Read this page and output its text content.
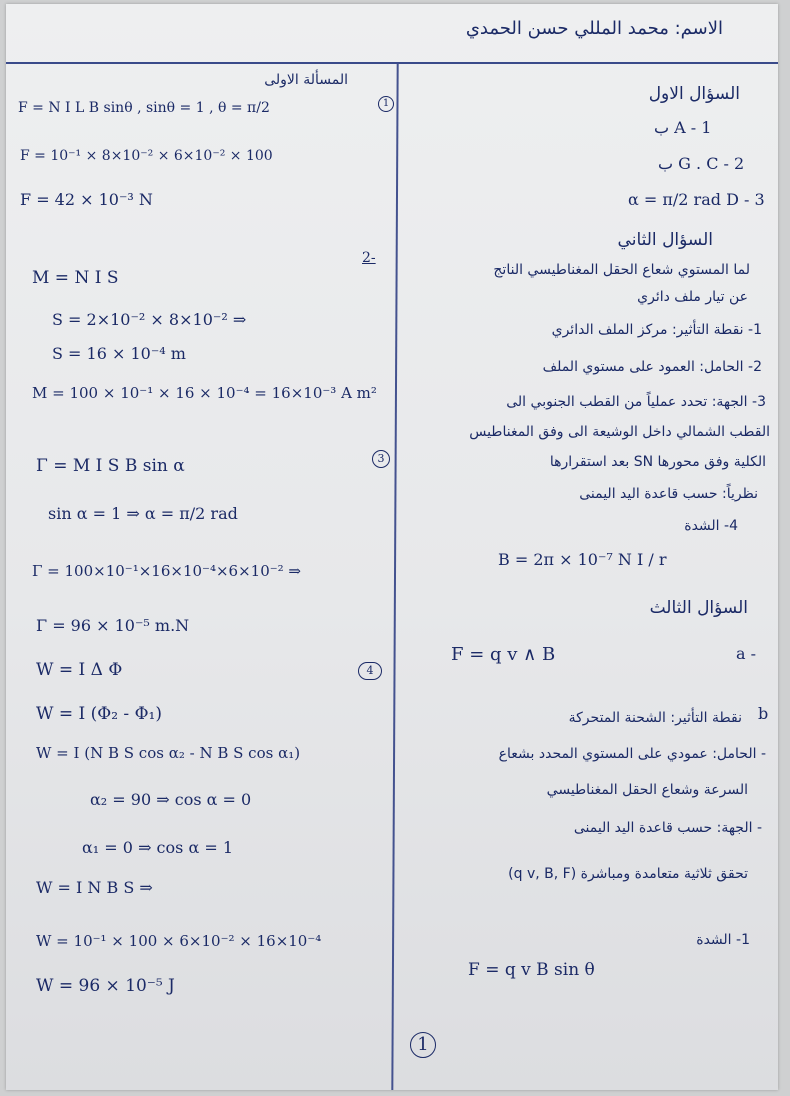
الاسم: محمد المللي حسن الحمدي
السؤال الاول
ب A - 1
ب G . C - 2
α = π/2 rad D - 3
السؤال الثاني
لما المستوي شعاع الحقل المغناطيسي الناتج
عن تيار ملف دائري
1- نقطة التأثير: مركز الملف الدائري
2- الحامل: العمود على مستوي الملف
3- الجهة: تحدد عملياً من القطب الجنوبي الى
القطب الشمالي داخل الوشيعة الى وفق المغناطيس
الكلية وفق محورها SN بعد استقرارها
نظرياً: حسب قاعدة اليد اليمنى
4- الشدة
B = 2π × 10⁻⁷ N I / r
السؤال الثالث
a -
F = q v ∧ B
b
نقطة التأثير: الشحنة المتحركة
- الحامل: عمودي على المستوي المحدد بشعاع
السرعة وشعاع الحقل المغناطيسي
- الجهة: حسب قاعدة اليد اليمنى
تحقق ثلاثية متعامدة ومباشرة (q v, B, F)
1- الشدة
F = q v B sin θ
1
المسألة الاولى
1
F = N I L B sinθ , sinθ = 1 , θ = π/2
F = 10⁻¹ × 8×10⁻² × 6×10⁻² × 100
F = 42 × 10⁻³ N
2-
M = N I S
S = 2×10⁻² × 8×10⁻² ⇒
S = 16 × 10⁻⁴ m
M = 100 × 10⁻¹ × 16 × 10⁻⁴ = 16×10⁻³ A m²
3
Γ = M I S B sin α
sin α = 1 ⇒ α = π/2 rad
Γ = 100×10⁻¹×16×10⁻⁴×6×10⁻² ⇒
Γ = 96 × 10⁻⁵ m.N
4
W = I Δ Φ
W = I (Φ₂ - Φ₁)
W = I (N B S cos α₂ - N B S cos α₁)
α₂ = 90 ⇒ cos α = 0
α₁ = 0 ⇒ cos α = 1
W = I N B S ⇒
W = 10⁻¹ × 100 × 6×10⁻² × 16×10⁻⁴
W = 96 × 10⁻⁵ J
